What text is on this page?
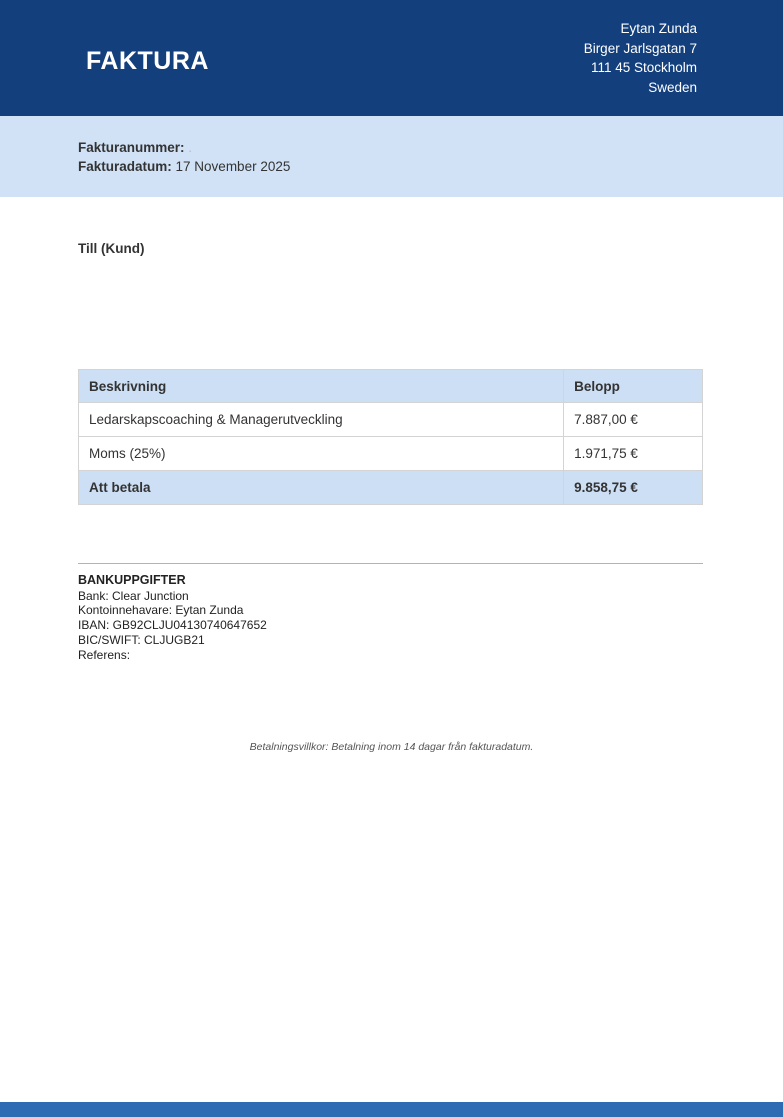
FAKTURA
Eytan Zunda
Birger Jarlsgatan 7
111 45 Stockholm
Sweden
Fakturanummer: .
Fakturadatum: 17 November 2025
Till (Kund)
Beskrivning	Belopp
Ledarskapscoaching & Managerutveckling	7.887,00 €
Moms (25%)	1.971,75 €
Att betala	9.858,75 €
BANKUPPGIFTER
Bank: Clear Junction
Kontoinnehavare: Eytan Zunda
IBAN: GB92CLJU04130740647652
BIC/SWIFT: CLJUGB21
Referens:
Betalningsvillkor: Betalning inom 14 dagar från fakturadatum.
